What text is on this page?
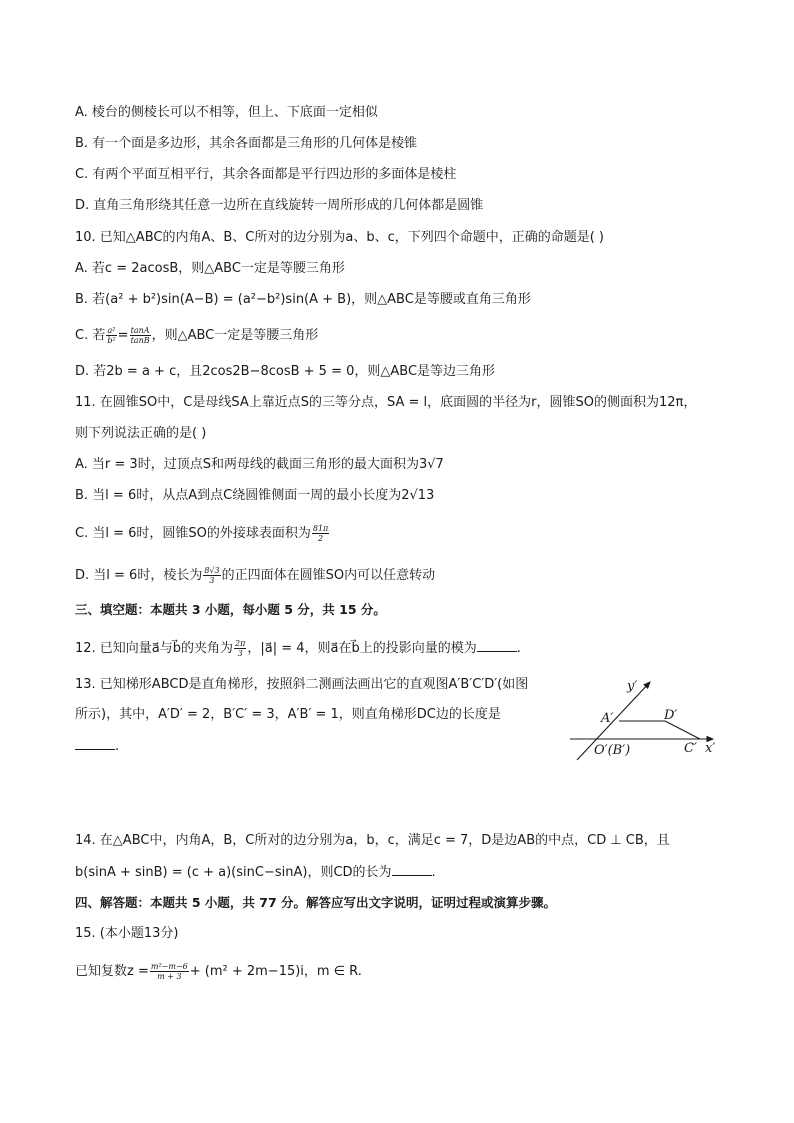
A. 棱台的侧棱长可以不相等，但上、下底面一定相似
B. 有一个面是多边形，其余各面都是三角形的几何体是棱锥
C. 有两个平面互相平行，其余各面都是平行四边形的多面体是棱柱
D. 直角三角形绕其任意一边所在直线旋转一周所形成的几何体都是圆锥
10. 已知△ABC的内角A、B、C所对的边分别为a、b、c，下列四个命题中，正确的命题是( )
A. 若c = 2acosB，则△ABC一定是等腰三角形
B. 若(a² + b²)sin(A−B) = (a²−b²)sin(A + B)，则△ABC是等腰或直角三角形
C. 若 $\frac{\text{a²}}{\text{b²}} = \frac{\tan A}{\tan B}$ ，则△ABC一定是等腰三角形
D. 若2b = a + c，且2cos2B−8cosB + 5 = 0，则△ABC是等边三角形
11. 在圆锥SO中，C是母线SA上靠近点S的三等分点，SA = l，底面圆的半径为r，圆锥SO的侧面积为12π，
则下列说法正确的是( )
A. 当r = 3时，过顶点S和两母线的截面三角形的最大面积为3√7
B. 当l = 6时，从点A到点C绕圆锥侧面一周的最小长度为2√13
C. 当l = 6时，圆锥SO的外接球表面积为 $\frac{81\pi}{2}$
D. 当l = 6时，棱长为 $\frac{8√3}{3}$ 的正四面体在圆锥SO内可以任意转动
三、填空题：本题共 3 小题，每小题 5 分，共 15 分。
12. 已知向量a⃗与b⃗的夹角为 $\frac{2\pi}{3}$ ，|a⃗| = 4，则a⃗在b⃗上的投影向量的模为	.
13. 已知梯形ABCD是直角梯形，按照斜二测画法画出它的直观图A′B′C′D′(如图
所示)，其中，A′D′ = 2，B′C′ = 3，A′B′ = 1，则直角梯形DC边的长度是
.
y′
A′	D′
O′(B′)	C′ x′
14. 在△ABC中，内角A，B，C所对的边分别为a，b，c，满足c = 7，D是边AB的中点，CD ⊥ CB，且
b(sinA + sinB) = (c + a)(sinC−sinA)，则CD的长为	.
四、解答题：本题共 5 小题，共 77 分。解答应写出文字说明，证明过程或演算步骤。
15. (本小题13分)
已知复数$z = \frac{\text{m²−m−6}}{m + 3} + (m^2 + 2m-15)i$，m ∈ R.
